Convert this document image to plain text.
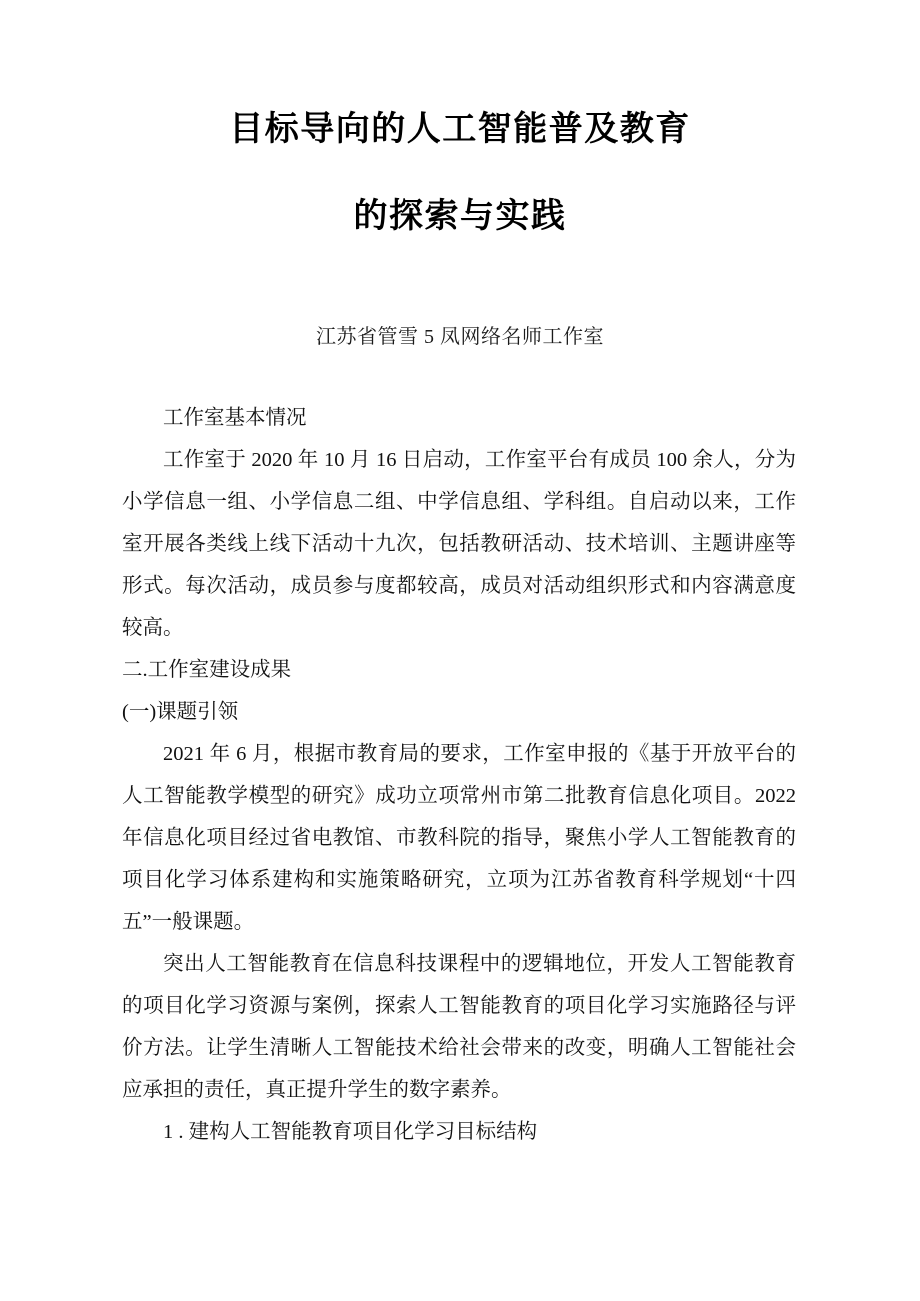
目标导向的人工智能普及教育
的探索与实践
江苏省管雪 5 凤网络名师工作室

工作室基本情况

工作室于 2020 年 10 月 16 日启动，工作室平台有成员 100 余人，分为小学信息一组、小学信息二组、中学信息组、学科组。自启动以来，工作室开展各类线上线下活动十九次，包括教研活动、技术培训、主题讲座等形式。每次活动，成员参与度都较高，成员对活动组织形式和内容满意度较高。

二.工作室建设成果

(一)课题引领

2021 年 6 月，根据市教育局的要求，工作室申报的《基于开放平台的人工智能教学模型的研究》成功立项常州市第二批教育信息化项目。2022 年信息化项目经过省电教馆、市教科院的指导，聚焦小学人工智能教育的项目化学习体系建构和实施策略研究，立项为江苏省教育科学规划“十四五”一般课题。

突出人工智能教育在信息科技课程中的逻辑地位，开发人工智能教育的项目化学习资源与案例，探索人工智能教育的项目化学习实施路径与评价方法。让学生清晰人工智能技术给社会带来的改变，明确人工智能社会应承担的责任，真正提升学生的数字素养。

1 . 建构人工智能教育项目化学习目标结构
